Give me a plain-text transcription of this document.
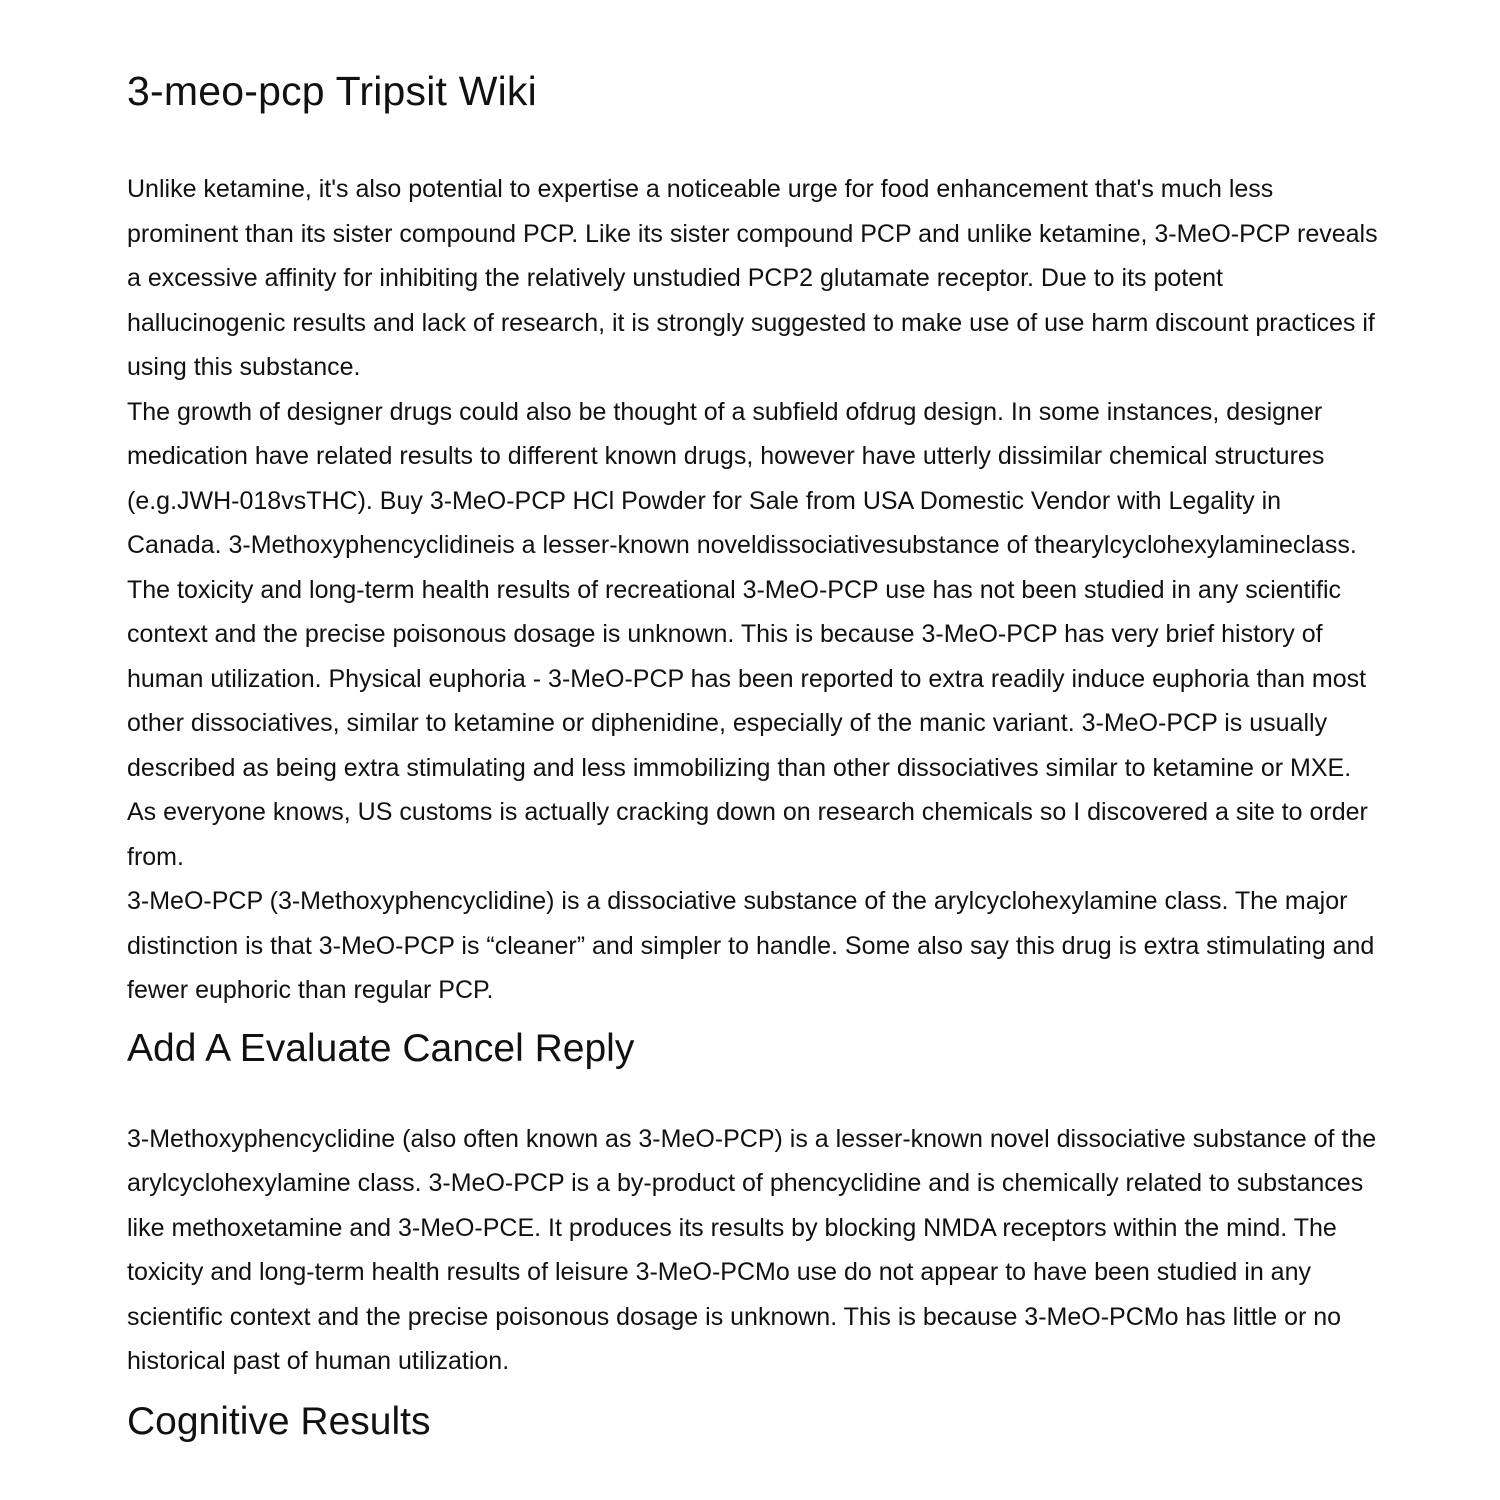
3-meo-pcp Tripsit Wiki

Unlike ketamine, it's also potential to expertise a noticeable urge for food enhancement that's much less prominent than its sister compound PCP. Like its sister compound PCP and unlike ketamine, 3-MeO-PCP reveals a excessive affinity for inhibiting the relatively unstudied PCP2 glutamate receptor. Due to its potent hallucinogenic results and lack of research, it is strongly suggested to make use of use harm discount practices if using this substance.

The growth of designer drugs could also be thought of a subfield ofdrug design. In some instances, designer medication have related results to different known drugs, however have utterly dissimilar chemical structures (e.g.JWH-018vsTHC). Buy 3-MeO-PCP HCl Powder for Sale from USA Domestic Vendor with Legality in Canada. 3-Methoxyphencyclidineis a lesser-known noveldissociativesubstance of thearylcyclohexylamineclass.

The toxicity and long-term health results of recreational 3-MeO-PCP use has not been studied in any scientific context and the precise poisonous dosage is unknown. This is because 3-MeO-PCP has very brief history of human utilization. Physical euphoria - 3-MeO-PCP has been reported to extra readily induce euphoria than most other dissociatives, similar to ketamine or diphenidine, especially of the manic variant. 3-MeO-PCP is usually described as being extra stimulating and less immobilizing than other dissociatives similar to ketamine or MXE. As everyone knows, US customs is actually cracking down on research chemicals so I discovered a site to order from.

3-MeO-PCP (3-Methoxyphencyclidine) is a dissociative substance of the arylcyclohexylamine class. The major distinction is that 3-MeO-PCP is “cleaner” and simpler to handle. Some also say this drug is extra stimulating and fewer euphoric than regular PCP.

Add A Evaluate Cancel Reply

3-Methoxyphencyclidine (also often known as 3-MeO-PCP) is a lesser-known novel dissociative substance of the arylcyclohexylamine class. 3-MeO-PCP is a by-product of phencyclidine and is chemically related to substances like methoxetamine and 3-MeO-PCE. It produces its results by blocking NMDA receptors within the mind. The toxicity and long-term health results of leisure 3-MeO-PCMo use do not appear to have been studied in any scientific context and the precise poisonous dosage is unknown. This is because 3-MeO-PCMo has little or no historical past of human utilization.

Cognitive Results
